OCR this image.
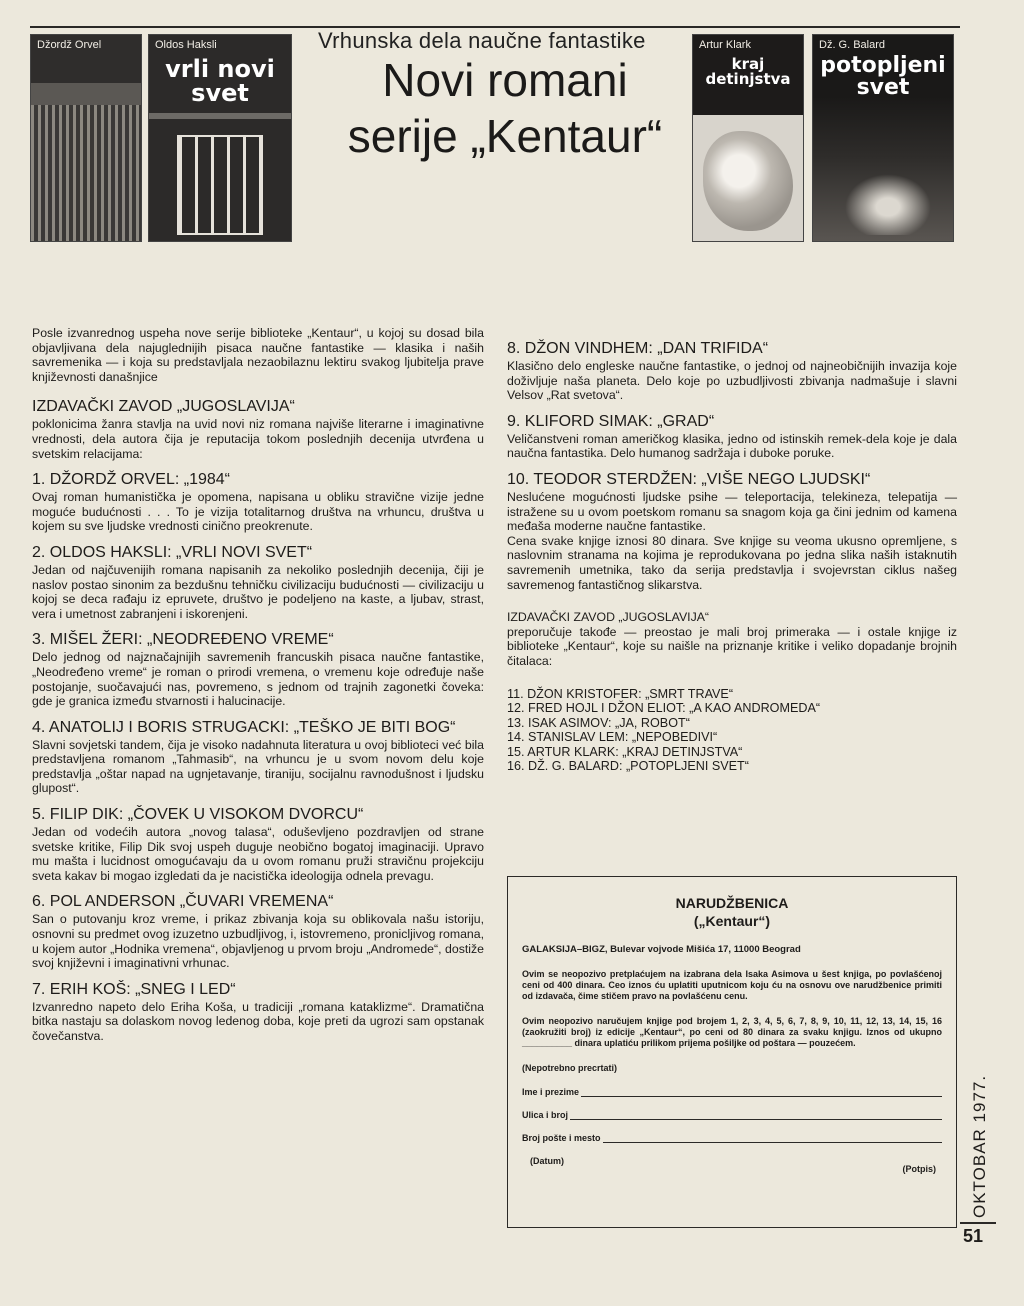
Džordž Orvel	Oldos Haksli
vrli novi svet
Artur Klark
kraj detinjstva
Dž. G. Balard
potopljeni svet
Vrhunska dela naučne fantastike
Novi romani
serije „Kentaur“

Posle izvanrednog uspeha nove serije biblioteke „Kentaur“, u kojoj su dosad bila objavljivana dela najuglednijih pisaca naučne fantastike — klasika i naših savremenika — i koja su predstavljala nezaobilaznu lektiru svakog ljubitelja prave književnosti današnjice

IZDAVAČKI ZAVOD „JUGOSLAVIJA“

poklonicima žanra stavlja na uvid novi niz romana najviše literarne i imaginativne vrednosti, dela autora čija je reputacija tokom poslednjih decenija utvrđena u svetskim relacijama:

1. DŽORDŽ ORVEL: „1984“

Ovaj roman humanistička je opomena, napisana u obliku stravične vizije jedne moguće budućnosti . . . To je vizija totalitarnog društva na vrhuncu, društva u kojem su sve ljudske vrednosti cinično preokrenute.

2. OLDOS HAKSLI: „VRLI NOVI SVET“

Jedan od najčuvenijih romana napisanih za nekoliko poslednjih decenija, čiji je naslov postao sinonim za bezdušnu tehničku civilizaciju budućnosti — civilizaciju u kojoj se deca rađaju iz epruvete, društvo je podeljeno na kaste, a ljubav, strast, vera i umetnost zabranjeni i iskorenjeni.

3. MIŠEL ŽERI: „NEODREĐENO VREME“

Delo jednog od najznačajnijih savremenih francuskih pisaca naučne fantastike, „Neodređeno vreme“ je roman o prirodi vremena, o vremenu koje određuje naše postojanje, suočavajući nas, povremeno, s jednom od trajnih zagonetki čoveka: gde je granica između stvarnosti i halucinacije.

4. ANATOLIJ I BORIS STRUGACKI: „TEŠKO JE BITI BOG“

Slavni sovjetski tandem, čija je visoko nadahnuta literatura u ovoj biblioteci već bila predstavljena romanom „Tahmasib“, na vrhuncu je u svom novom delu koje predstavlja „oštar napad na ugnjetavanje, tiraniju, socijalnu ravnodušnost i ljudsku glupost“.

5. FILIP DIK: „ČOVEK U VISOKOM DVORCU“

Jedan od vodećih autora „novog talasa“, oduševljeno pozdravljen od strane svetske kritike, Filip Dik svoj uspeh duguje neobično bogatoj imaginaciji. Upravo mu mašta i lucidnost omogućavaju da u ovom romanu pruži stravičnu projekciju sveta kakav bi mogao izgledati da je nacistička ideologija odnela prevagu.

6. POL ANDERSON „ČUVARI VREMENA“

San o putovanju kroz vreme, i prikaz zbivanja koja su oblikovala našu istoriju, osnovni su predmet ovog izuzetno uzbudljivog, i, istovremeno, pronicljivog romana, u kojem autor „Hodnika vremena“, objavljenog u prvom broju „Andromede“, dostiže svoj književni i imaginativni vrhunac.

7. ERIH KOŠ: „SNEG I LED“

Izvanredno napeto delo Eriha Koša, u tradiciji „romana kataklizme“. Dramatična bitka nastaju sa dolaskom novog ledenog doba, koje preti da ugrozi sam opstanak čovečanstva.

8. DŽON VINDHEM: „DAN TRIFIDA“

Klasično delo engleske naučne fantastike, o jednoj od najneobičnijih invazija koje doživljuje naša planeta. Delo koje po uzbudljivosti zbivanja nadmašuje i slavni Velsov „Rat svetova“.

9. KLIFORD SIMAK: „GRAD“

Veličanstveni roman američkog klasika, jedno od istinskih remek-dela koje je dala naučna fantastika. Delo humanog sadržaja i duboke poruke.

10. TEODOR STERDŽEN: „VIŠE NEGO LJUDSKI“

Neslućene mogućnosti ljudske psihe — teleportacija, telekineza, telepatija — istražene su u ovom poetskom romanu sa snagom koja ga čini jednim od kamena međaša moderne naučne fantastike.

Cena svake knjige iznosi 80 dinara. Sve knjige su veoma ukusno opremljene, s naslovnim stranama na kojima je reprodukovana po jedna slika naših istaknutih savremenih umetnika, tako da serija predstavlja i svojevrstan ciklus našeg savremenog fantastičnog slikarstva.

IZDAVAČKI ZAVOD „JUGOSLAVIJA“

preporučuje takođe — preostao je mali broj primeraka — i ostale knjige iz biblioteke „Kentaur“, koje su naišle na priznanje kritike i veliko dopadanje brojnih čitalaca:

11. DŽON KRISTOFER: „SMRT TRAVE“
12. FRED HOJL I DŽON ELIOT: „A KAO ANDROMEDA“
13. ISAK ASIMOV: „JA, ROBOT“
14. STANISLAV LEM: „NEPOBEDIVI“
15. ARTUR KLARK: „KRAJ DETINJSTVA“
16. DŽ. G. BALARD: „POTOPLJENI SVET“
NARUDŽBENICA
(„Kentaur“)
GALAKSIJA–BIGZ, Bulevar vojvode Mišića 17, 11000 Beograd

Ovim se neopozivo pretplaćujem na izabrana dela Isaka Asimova u šest knjiga, po povlašćenoj ceni od 400 dinara. Ceo iznos ću uplatiti uputnicom koju ću na osnovu ove narudžbenice primiti od izdavača, čime stičem pravo na povlašćenu cenu.

Ovim neopozivo naručujem knjige pod brojem 1, 2, 3, 4, 5, 6, 7, 8, 9, 10, 11, 12, 13, 14, 15, 16 (zaokružiti broj) iz edicije „Kentaur“, po ceni od 80 dinara za svaku knjigu. Iznos od ukupno __________ dinara uplatiću prilikom prijema pošiljke od poštara — pouzećem.

(Nepotrebno precrtati)
Ime i prezime
Ulica i broj
Broj pošte i mesto
(Datum)
(Potpis) OKTOBAR 1977.
51
